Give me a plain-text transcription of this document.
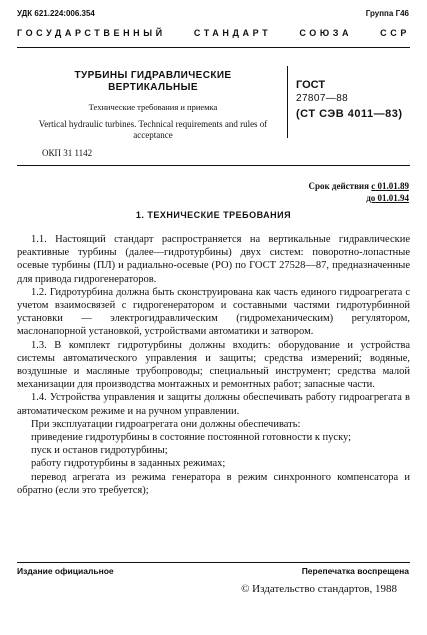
УДК 621.224:006.354	Группа Г46
ГОСУДАРСТВЕННЫЙ СТАНДАРТ СОЮЗА ССР
ТУРБИНЫ ГИДРАВЛИЧЕСКИЕ
ВЕРТИКАЛЬНЫЕ
Технические требования и приемка
Vertical hydraulic turbines. Technical requirements and rules of acceptance
ГОСТ
27807—88
(СТ СЭВ 4011—83)
ОКП 31 1142
Срок действия с 01.01.89
до 01.01.94
1. ТЕХНИЧЕСКИЕ ТРЕБОВАНИЯ

1.1. Настоящий стандарт распространяется на вертикальные гидравлические реактивные турбины (далее—гидротурбины) двух систем: поворотно-лопастные осевые турбины (ПЛ) и радиально-осевые (РО) по ГОСТ 27528—87, предназначенные для привода гидрогенераторов.

1.2. Гидротурбина должна быть сконструирована как часть единого гидроагрегата с учетом взаимосвязей с гидрогенератором и составными частями гидротурбинной установки — электрогидравлическим (гидромеханическим) регулятором, маслонапорной установкой, устройствами автоматики и затвором.

1.3. В комплект гидротурбины должны входить: оборудование и устройства системы автоматического управления и защиты; средства измерений; водяные, воздушные и масляные трубопроводы; специальный инструмент; средства малой механизации для производства монтажных и ремонтных работ; запасные части.

1.4. Устройства управления и защиты должны обеспечивать работу гидроагрегата в автоматическом режиме и на ручном управлении.

При эксплуатации гидроагрегата они должны обеспечивать:

приведение гидротурбины в состояние постоянной готовности к пуску;

пуск и останов гидротурбины;

работу гидротурбины в заданных режимах;

перевод агрегата из режима генератора в режим синхронного компенсатора и обратно (если это требуется);

Издание официальное	Перепечатка воспрещена
© Издательство стандартов, 1988
